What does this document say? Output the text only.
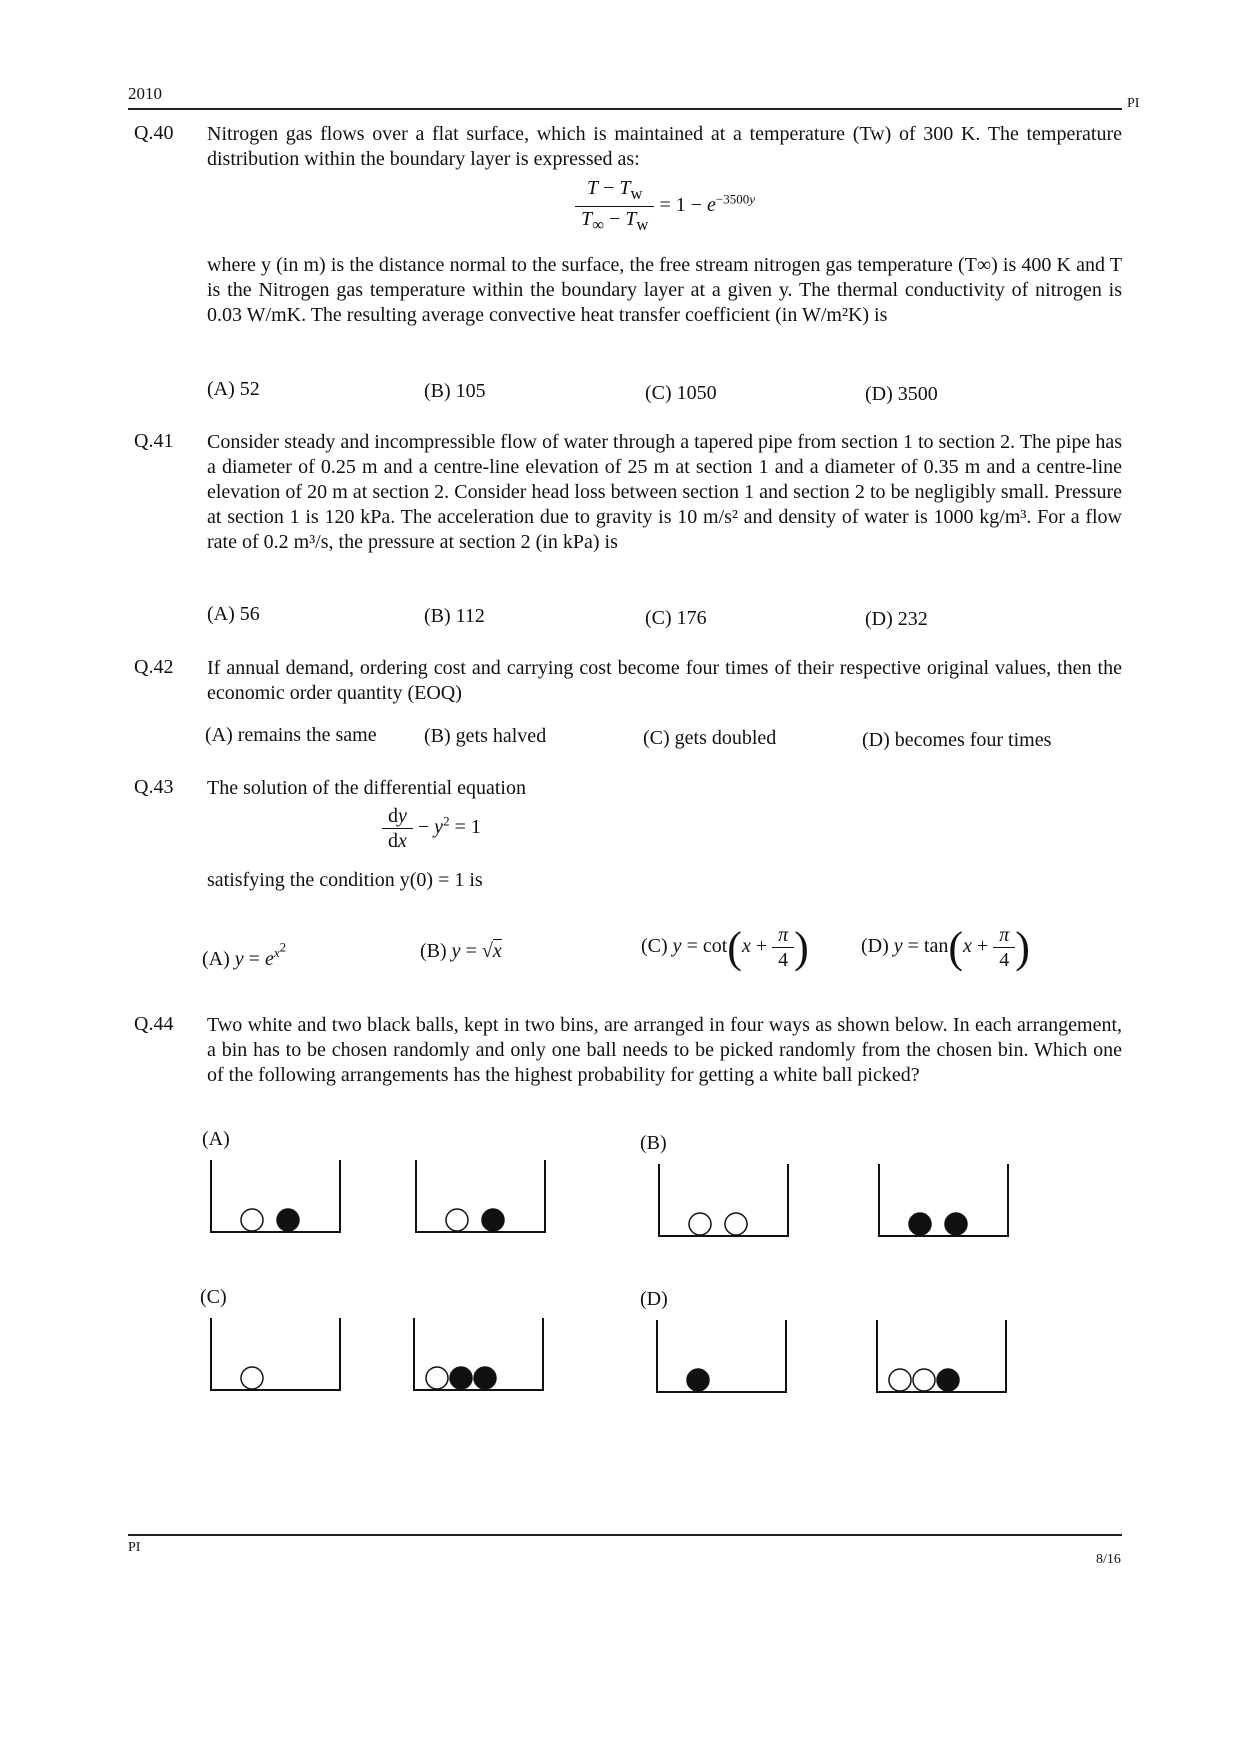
2010
PI
PI
8/16
Q.40 Nitrogen gas flows over a flat surface, which is maintained at a temperature (Tw) of 300 K. The temperature distribution within the boundary layer is expressed as:
$\frac{T - T_w}{T_\infty - T_w} = 1 - e^{-3500y}$
where y (in m) is the distance normal to the surface, the free stream nitrogen gas temperature (T∞) is 400 K and T is the Nitrogen gas temperature within the boundary layer at a given y. The thermal conductivity of nitrogen is 0.03 W/mK. The resulting average convective heat transfer coefficient (in W/m²K) is
(A) 52	(B) 105	(C) 1050	(D) 3500
Q.41 Consider steady and incompressible flow of water through a tapered pipe from section 1 to section 2. The pipe has a diameter of 0.25 m and a centre-line elevation of 25 m at section 1 and a diameter of 0.35 m and a centre-line elevation of 20 m at section 2. Consider head loss between section 1 and section 2 to be negligibly small. Pressure at section 1 is 120 kPa. The acceleration due to gravity is 10 m/s² and density of water is 1000 kg/m³. For a flow rate of 0.2 m³/s, the pressure at section 2 (in kPa) is
(A) 56	(B) 112	(C) 176	(D) 232
Q.42 If annual demand, ordering cost and carrying cost become four times of their respective original values, then the economic order quantity (EOQ)
(A) remains the same (B) gets halved	(C) gets doubled	(D) becomes four times
Q.43 The solution of the differential equation
$\frac{dy}{dx} - y^2 = 1$
satisfying the condition y(0) = 1 is
(A) $y = e^{x^2}$	(B) y = √x	(C) $y = \cot(x + \frac{\pi}{4}$ )	(D) $y = \tan(x + \frac{\pi}{4}$ )
Q.44 Two white and two black balls, kept in two bins, are arranged in four ways as shown below. In each arrangement, a bin has to be chosen randomly and only one ball needs to be picked randomly from the chosen bin. Which one of the following arrangements has the highest probability for getting a white ball picked?
(A)	(B)
(C)	(D)
